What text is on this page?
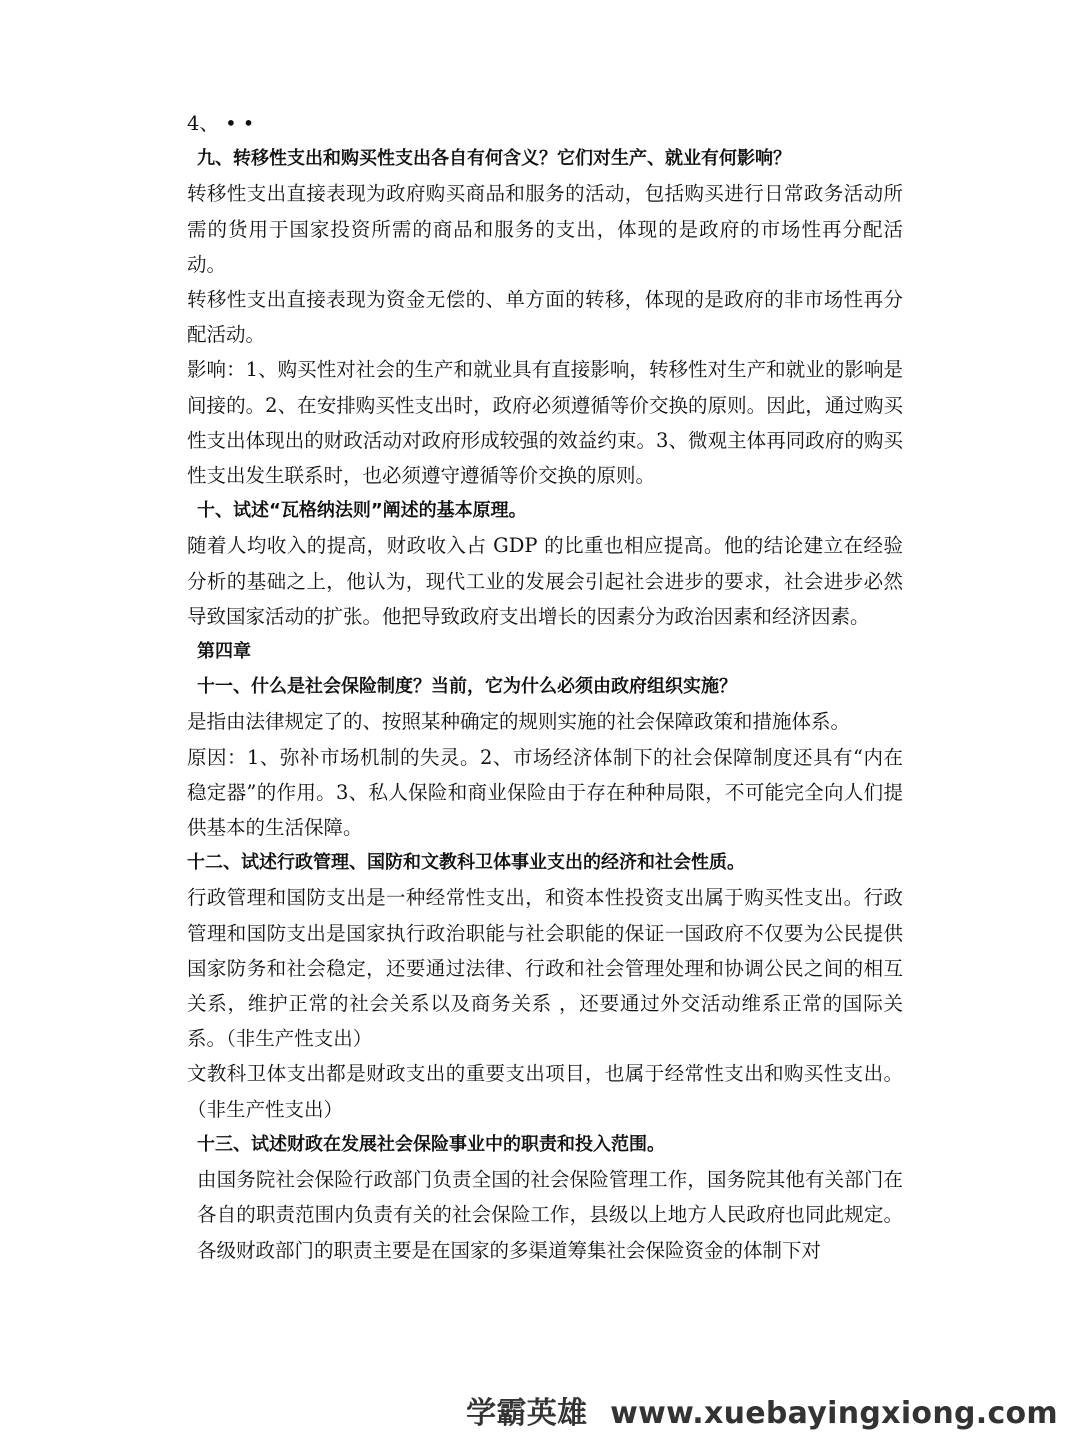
4、 • •

九、转移性支出和购买性支出各自有何含义？它们对生产、就业有何影响？

转移性支出直接表现为政府购买商品和服务的活动，包括购买进行日常政务活动所需的货用于国家投资所需的商品和服务的支出，体现的是政府的市场性再分配活动。

转移性支出直接表现为资金无偿的、单方面的转移，体现的是政府的非市场性再分配活动。

影响：1、购买性对社会的生产和就业具有直接影响，转移性对生产和就业的影响是间接的。2、在安排购买性支出时，政府必须遵循等价交换的原则。因此，通过购买性支出体现出的财政活动对政府形成较强的效益约束。3、微观主体再同政府的购买性支出发生联系时，也必须遵守遵循等价交换的原则。

十、试述“瓦格纳法则”阐述的基本原理。

随着人均收入的提高，财政收入占 GDP 的比重也相应提高。他的结论建立在经验分析的基础之上，他认为，现代工业的发展会引起社会进步的要求，社会进步必然导致国家活动的扩张。他把导致政府支出增长的因素分为政治因素和经济因素。

第四章

十一、什么是社会保险制度？当前，它为什么必须由政府组织实施？

是指由法律规定了的、按照某种确定的规则实施的社会保障政策和措施体系。

原因：1、弥补市场机制的失灵。2、市场经济体制下的社会保障制度还具有“内在稳定器”的作用。3、私人保险和商业保险由于存在种种局限，不可能完全向人们提供基本的生活保障。

十二、试述行政管理、国防和文教科卫体事业支出的经济和社会性质。

行政管理和国防支出是一种经常性支出，和资本性投资支出属于购买性支出。行政管理和国防支出是国家执行政治职能与社会职能的保证一国政府不仅要为公民提供国家防务和社会稳定，还要通过法律、行政和社会管理处理和协调公民之间的相互关系，维护正常的社会关系以及商务关系 ，还要通过外交活动维系正常的国际关系。（非生产性支出）

文教科卫体支出都是财政支出的重要支出项目，也属于经常性支出和购买性支出。（非生产性支出）

十三、试述财政在发展社会保险事业中的职责和投入范围。

由国务院社会保险行政部门负责全国的社会保险管理工作，国务院其他有关部门在各自的职责范围内负责有关的社会保险工作，县级以上地方人民政府也同此规定。各级财政部门的职责主要是在国家的多渠道筹集社会保险资金的体制下对

学霸英雄 www.xuebayingxiong.com
